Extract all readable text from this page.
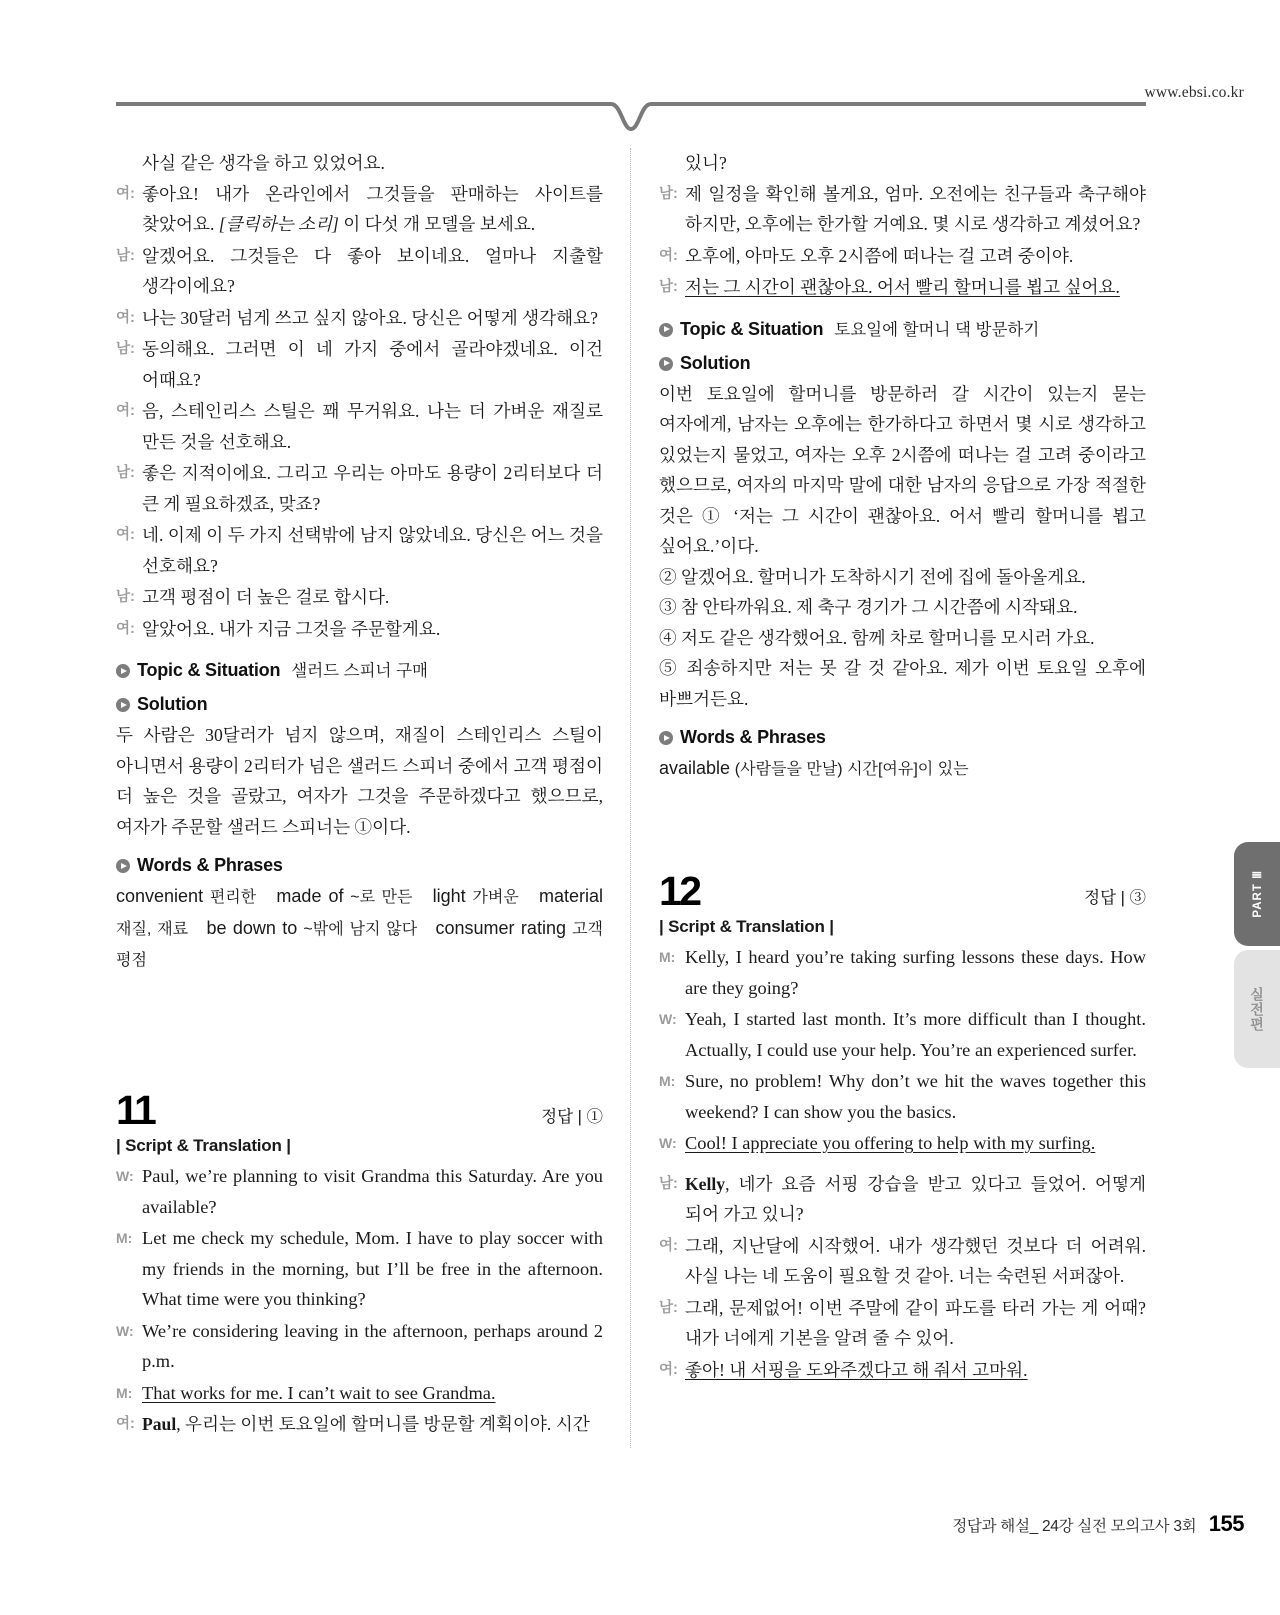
www.ebsi.co.kr
사실 같은 생각을 하고 있었어요.
여: 좋아요! 내가 온라인에서 그것들을 판매하는 사이트를 찾았어요. [클릭하는 소리] 이 다섯 개 모델을 보세요.
남: 알겠어요. 그것들은 다 좋아 보이네요. 얼마나 지출할 생각이에요?
여: 나는 30달러 넘게 쓰고 싶지 않아요. 당신은 어떻게 생각해요?
남: 동의해요. 그러면 이 네 가지 중에서 골라야겠네요. 이건 어때요?
여: 음, 스테인리스 스틸은 꽤 무거워요. 나는 더 가벼운 재질로 만든 것을 선호해요.
남: 좋은 지적이에요. 그리고 우리는 아마도 용량이 2리터보다 더 큰 게 필요하겠죠, 맞죠?
여: 네. 이제 이 두 가지 선택밖에 남지 않았네요. 당신은 어느 것을 선호해요?
남: 고객 평점이 더 높은 걸로 합시다.
여: 알았어요. 내가 지금 그것을 주문할게요.
Topic & Situation 샐러드 스피너 구매
Solution

두 사람은 30달러가 넘지 않으며, 재질이 스테인리스 스틸이 아니면서 용량이 2리터가 넘은 샐러드 스피너 중에서 고객 평점이 더 높은 것을 골랐고, 여자가 그것을 주문하겠다고 했으므로, 여자가 주문할 샐러드 스피너는 ①이다.

Words & Phrases

convenient 편리한 made of ~로 만든 light 가벼운 material 재질, 재료 be down to ~밖에 남지 않다 consumer rating 고객 평점

11	정답 | ①
| Script & Translation |
W: Paul, we’re planning to visit Grandma this Saturday. Are you available?
M: Let me check my schedule, Mom. I have to play soccer with my friends in the morning, but I’ll be free in the afternoon. What time were you thinking?
W: We’re considering leaving in the afternoon, perhaps around 2 p.m.
M: That works for me. I can’t wait to see Grandma.
여: Paul, 우리는 이번 토요일에 할머니를 방문할 계획이야. 시간
있니?
남: 제 일정을 확인해 볼게요, 엄마. 오전에는 친구들과 축구해야 하지만, 오후에는 한가할 거예요. 몇 시로 생각하고 계셨어요?
여: 오후에, 아마도 오후 2시쯤에 떠나는 걸 고려 중이야.
남: 저는 그 시간이 괜찮아요. 어서 빨리 할머니를 뵙고 싶어요.
Topic & Situation 토요일에 할머니 댁 방문하기
Solution

이번 토요일에 할머니를 방문하러 갈 시간이 있는지 묻는 여자에게, 남자는 오후에는 한가하다고 하면서 몇 시로 생각하고 있었는지 물었고, 여자는 오후 2시쯤에 떠나는 걸 고려 중이라고 했으므로, 여자의 마지막 말에 대한 남자의 응답으로 가장 적절한 것은 ① ‘저는 그 시간이 괜찮아요. 어서 빨리 할머니를 뵙고 싶어요.’이다.

② 알겠어요. 할머니가 도착하시기 전에 집에 돌아올게요.

③ 참 안타까워요. 제 축구 경기가 그 시간쯤에 시작돼요.

④ 저도 같은 생각했어요. 함께 차로 할머니를 모시러 가요.

⑤ 죄송하지만 저는 못 갈 것 같아요. 제가 이번 토요일 오후에 바쁘거든요.

Words & Phrases

available (사람들을 만날) 시간[여유]이 있는

12	정답 | ③
| Script & Translation |
M: Kelly, I heard you’re taking surfing lessons these days. How are they going?
W: Yeah, I started last month. It’s more difficult than I thought. Actually, I could use your help. You’re an experienced surfer.
M: Sure, no problem! Why don’t we hit the waves together this weekend? I can show you the basics.
W: Cool! I appreciate you offering to help with my surfing.
남: Kelly, 네가 요즘 서핑 강습을 받고 있다고 들었어. 어떻게 되어 가고 있니?
여: 그래, 지난달에 시작했어. 내가 생각했던 것보다 더 어려워. 사실 나는 네 도움이 필요할 것 같아. 너는 숙련된 서퍼잖아.
남: 그래, 문제없어! 이번 주말에 같이 파도를 타러 가는 게 어때? 내가 너에게 기본을 알려 줄 수 있어.
여: 좋아! 내 서핑을 도와주겠다고 해 줘서 고마워.
PART Ⅲ
실전편
정답과 해설_ 24강 실전 모의고사 3회 155
